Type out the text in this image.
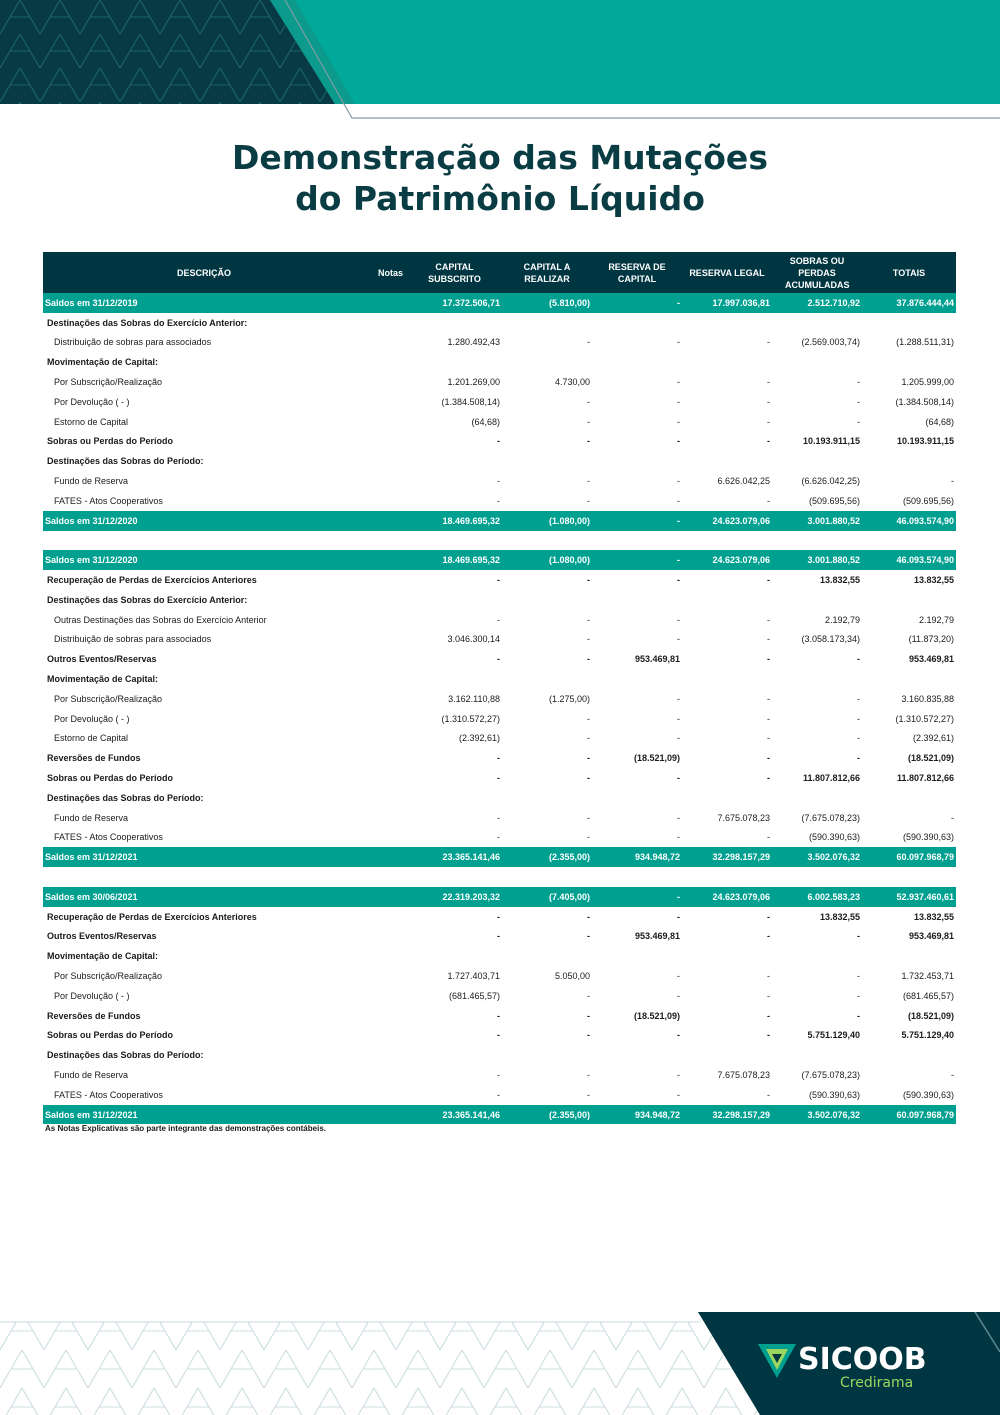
Demonstração das Mutações
do Patrimônio Líquido
DESCRIÇÃO	Notas	CAPITAL SUBSCRITO	CAPITAL A REALIZAR	RESERVA DE CAPITAL	RESERVA LEGAL	SOBRAS OU PERDAS ACUMULADAS	TOTAIS
Saldos em 31/12/2019		17.372.506,71	(5.810,00)	-	17.997.036,81	2.512.710,92	37.876.444,44
Destinações das Sobras do Exercício Anterior:							
Distribuição de sobras para associados		1.280.492,43	-	-	-	(2.569.003,74)	(1.288.511,31)
Movimentação de Capital:							
Por Subscrição/Realização		1.201.269,00	4.730,00	-	-	-	1.205.999,00
Por Devolução ( - )		(1.384.508,14)	-	-	-	-	(1.384.508,14)
Estorno de Capital		(64,68)	-	-	-	-	(64,68)
Sobras ou Perdas do Período		-	-	-	-	10.193.911,15	10.193.911,15
Destinações das Sobras do Período:							
Fundo de Reserva		-	-	-	6.626.042,25	(6.626.042,25)	-
FATES - Atos Cooperativos		-	-	-	-	(509.695,56)	(509.695,56)
Saldos em 31/12/2020		18.469.695,32	(1.080,00)	-	24.623.079,06	3.001.880,52	46.093.574,90

Saldos em 31/12/2020		18.469.695,32	(1.080,00)	-	24.623.079,06	3.001.880,52	46.093.574,90
Recuperação de Perdas de Exercícios Anteriores		-	-	-	-	13.832,55	13.832,55
Destinações das Sobras do Exercício Anterior:							
Outras Destinações das Sobras do Exercício Anterior		-	-	-	-	2.192,79	2.192,79
Distribuição de sobras para associados		3.046.300,14	-	-	-	(3.058.173,34)	(11.873,20)
Outros Eventos/Reservas		-	-	953.469,81	-	-	953.469,81
Movimentação de Capital:							
Por Subscrição/Realização		3.162.110,88	(1.275,00)	-	-	-	3.160.835,88
Por Devolução ( - )		(1.310.572,27)	-	-	-	-	(1.310.572,27)
Estorno de Capital		(2.392,61)	-	-	-	-	(2.392,61)
Reversões de Fundos		-	-	(18.521,09)	-	-	(18.521,09)
Sobras ou Perdas do Período		-	-	-	-	11.807.812,66	11.807.812,66
Destinações das Sobras do Período:							
Fundo de Reserva		-	-	-	7.675.078,23	(7.675.078,23)	-
FATES - Atos Cooperativos		-	-	-	-	(590.390,63)	(590.390,63)
Saldos em 31/12/2021		23.365.141,46	(2.355,00)	934.948,72	32.298.157,29	3.502.076,32	60.097.968,79

Saldos em 30/06/2021		22.319.203,32	(7.405,00)	-	24.623.079,06	6.002.583,23	52.937.460,61
Recuperação de Perdas de Exercícios Anteriores		-	-	-	-	13.832,55	13.832,55
Outros Eventos/Reservas		-	-	953.469,81	-	-	953.469,81
Movimentação de Capital:							
Por Subscrição/Realização		1.727.403,71	5.050,00	-	-	-	1.732.453,71
Por Devolução ( - )		(681.465,57)	-	-	-	-	(681.465,57)
Reversões de Fundos		-	-	(18.521,09)	-	-	(18.521,09)
Sobras ou Perdas do Período		-	-	-	-	5.751.129,40	5.751.129,40
Destinações das Sobras do Período:							
Fundo de Reserva		-	-	-	7.675.078,23	(7.675.078,23)	-
FATES - Atos Cooperativos		-	-	-	-	(590.390,63)	(590.390,63)
Saldos em 31/12/2021		23.365.141,46	(2.355,00)	934.948,72	32.298.157,29	3.502.076,32	60.097.968,79
As Notas Explicativas são parte integrante das demonstrações contábeis.
SICOOB
Credirama
